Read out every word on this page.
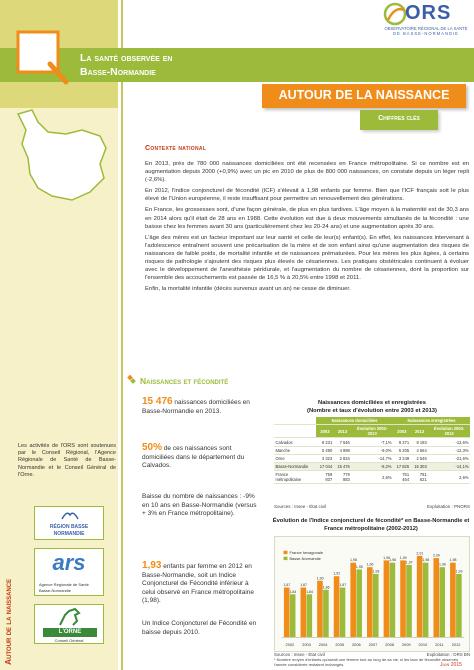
La santé observée en
Basse-Normandie
ORS
OBSERVATOIRE RÉGIONAL DE LA SANTÉ
DE BASSE-NORMANDIE
AUTOUR DE LA NAISSANCE
Chiffres clés
Contexte national

En 2013, près de 780 000 naissances domiciliées ont été recensées en France métropolitaine. Si ce nombre est en augmentation depuis 2000 (+0,9%) avec un pic en 2010 de plus de 800 000 naissances, on constate depuis un léger repli (-2,6%).

En 2012, l'indice conjoncturel de fécondité (ICF) s'élevait à 1,98 enfants par femme. Bien que l'ICF français soit le plus élevé de l'Union européenne, il reste insuffisant pour permettre un renouvellement des générations.

En France, les grossesses sont, d'une façon générale, de plus en plus tardives. L'âge moyen à la maternité est de 30,3 ans en 2014 alors qu'il était de 28 ans en 1988. Cette évolution est due à deux mouvements simultanés de la fécondité : une baisse chez les femmes avant 30 ans (particulièrement chez les 20-24 ans) et une augmentation après 30 ans.

L'âge des mères est un facteur important sur leur santé et celle de leur(s) enfant(s). En effet, les naissances intervenant à l'adolescence entraînent souvent une précarisation de la mère et de son enfant ainsi qu'une augmentation des risques de naissances de faible poids, de mortalité infantile et de naissances prématurées. Pour les mères les plus âgées, à certains risques de pathologie s'ajoutent des risques plus élevés de césariennes. Les pratiques obstétricales continuent à évoluer avec le développement de l'anesthésie péridurale, et l'augmentation du nombre de césariennes, dont la proportion sur l'ensemble des accouchements est passée de 16,5 % à 20,5% entre 1998 et 2011.

Enfin, la mortalité infantile (décès survenus avant un an) ne cesse de diminuer.

Naissances et fécondité
15 476 naissances domiciliées en Basse-Normandie en 2013.
50% de ces naissances sont domiciliées dans le département du Calvados.
Baisse du nombre de naissances : -9% en 10 ans en Basse-Normandie (versus + 3% en France métropolitaine).
1,93 enfants par femme en 2012 en Basse-Normandie, soit un Indice Conjoncturel de Fécondité inférieur à celui observé en France métropolitaine (1,98).
Un Indice Conjoncturel de Fécondité en baisse depuis 2010.

Les activités de l'ORS sont soutenues par le Conseil Régional, l'Agence Régionale de Santé de Basse-Normandie et le Conseil Général de l'Orne.

Autour de la naissance
RÉGION BASSE
NORMANDIE
ars
Agence Régionale de Santé
Basse-Normandie
L'ORNE
Conseil Général
Naissances domiciliées et enregistrées
(Nombre et taux d'évolution entre 2003 et 2013)
	Naissances domiciliées			Naissances enregistrées		
	2003	2013	Évolution 2003-2013	2003	2013	Évolution 2003-2013
Calvados	8 231	7 646	-7,1%	9 371	8 193	-12,6%
Manche	5 490	4 998	-9,0%	5 205	4 564	-12,3%
Orne	3 323	2 834	-14,7%	3 249	2 546	-21,6%
Basse-Normandie	17 044	15 476	-9,2%	17 825	15 303	-14,1%
France métropolitaine	759 937	779 883	2,6%	761 464	781 621	2,6%
Sources : Insee - État civil	Exploitation : PNORS
Évolution de l'Indice conjoncturel de fécondité* en Basse-Normandie et
France métropolitaine (2002-2012)
1,87
1,84
2002
1,87
1,84
2003
1,90
1,86
2004
1,92
1,87
2005
1,98
1,95
2006
1,96
1,93
2007
1,99
1,98
2008
1,99
1,97
2009
2,01
1,98
2010
2,00
1,96
2011
1,98
1,93
2012
France hexagonale
Basse-Normandie
Sources : Insee - État civil	Exploitation : ORS BN
* Nombre moyen d'enfants qu'aurait une femme tout au long de sa vie, si les taux de fécondité observés l'année considérée restaient inchangés.	Juin 2015
